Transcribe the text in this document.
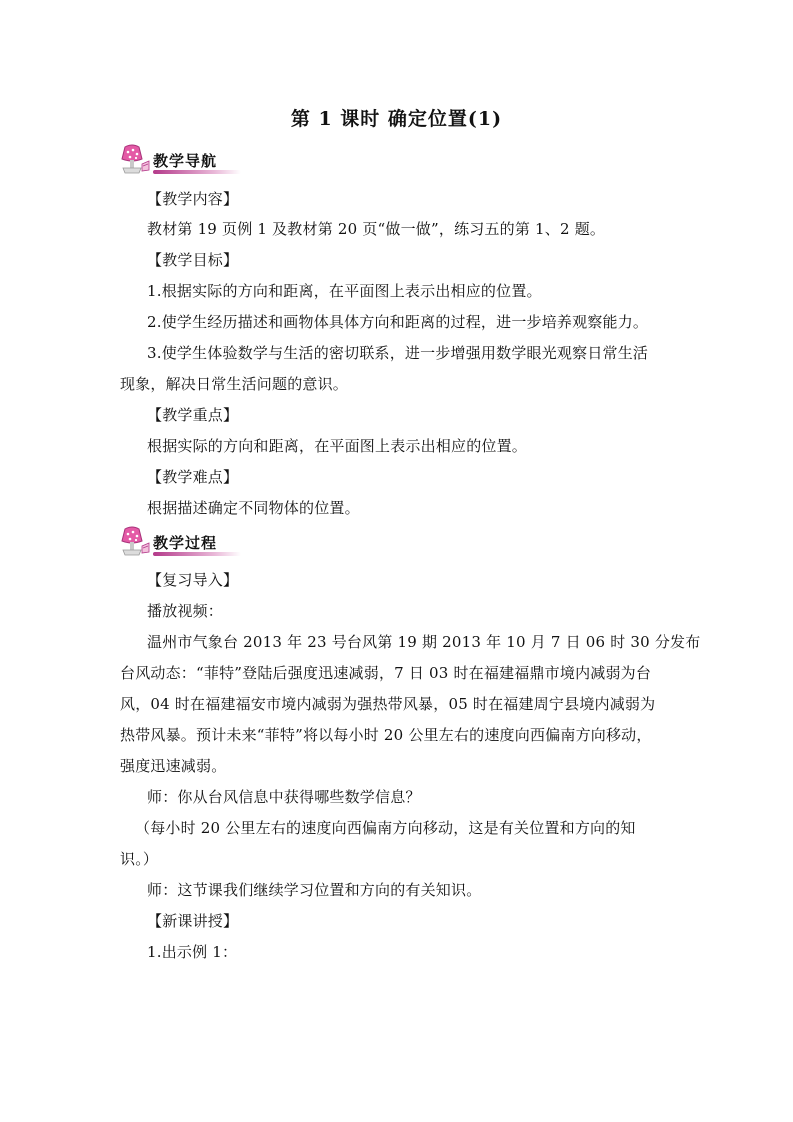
第 1 课时 确定位置(1)
教学导航
【教学内容】
教材第 19 页例 1 及教材第 20 页“做一做”，练习五的第 1、2 题。
【教学目标】
1.根据实际的方向和距离，在平面图上表示出相应的位置。
2.使学生经历描述和画物体具体方向和距离的过程，进一步培养观察能力。
3.使学生体验数学与生活的密切联系，进一步增强用数学眼光观察日常生活
现象，解决日常生活问题的意识。
【教学重点】
根据实际的方向和距离，在平面图上表示出相应的位置。
【教学难点】
根据描述确定不同物体的位置。
教学过程
【复习导入】
播放视频：
温州市气象台 2013 年 23 号台风第 19 期 2013 年 10 月 7 日 06 时 30 分发布
台风动态：“菲特”登陆后强度迅速减弱，7 日 03 时在福建福鼎市境内减弱为台
风，04 时在福建福安市境内减弱为强热带风暴，05 时在福建周宁县境内减弱为
热带风暴。预计未来“菲特”将以每小时 20 公里左右的速度向西偏南方向移动，
强度迅速减弱。
师：你从台风信息中获得哪些数学信息？
（每小时 20 公里左右的速度向西偏南方向移动，这是有关位置和方向的知
识。）
师：这节课我们继续学习位置和方向的有关知识。
【新课讲授】
1.出示例 1：
